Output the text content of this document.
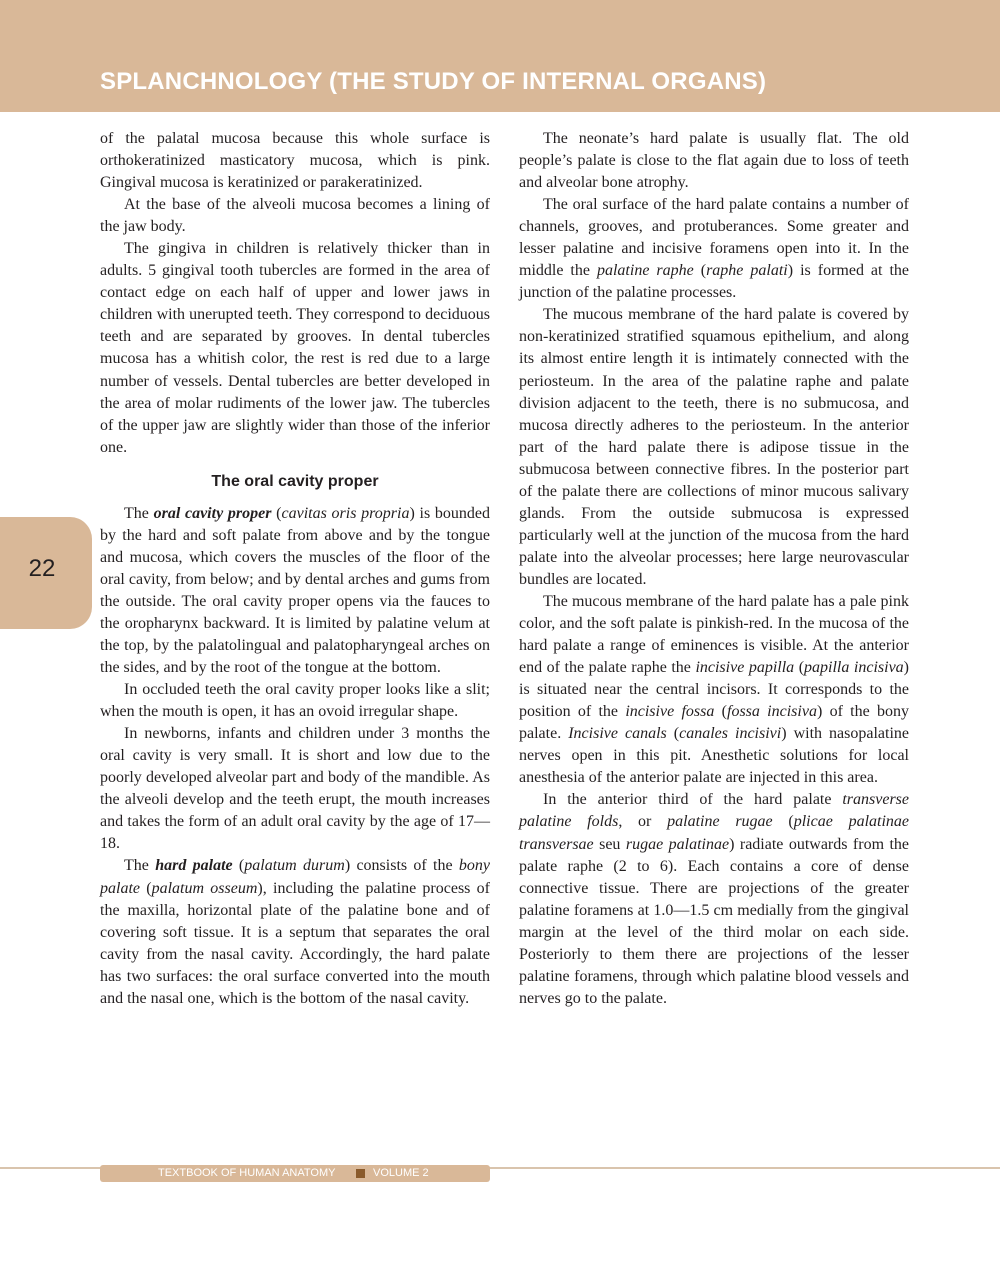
SPLANCHNOLOGY (THE STUDY OF INTERNAL ORGANS)
22

of the palatal mucosa because this whole surface is orthokeratinized masticatory mucosa, which is pink. Gingival mucosa is keratinized or parakeratinized.

At the base of the alveoli mucosa becomes a lining of the jaw body.

The gingiva in children is relatively thicker than in adults. 5 gingival tooth tubercles are formed in the area of contact edge on each half of upper and lower jaws in children with unerupted teeth. They correspond to deciduous teeth and are separated by grooves. In dental tubercles mucosa has a whitish color, the rest is red due to a large number of vessels. Dental tubercles are better developed in the area of molar rudiments of the lower jaw. The tubercles of the upper jaw are slightly wider than those of the inferior one.

The oral cavity proper

The oral cavity proper (cavitas oris propria) is bounded by the hard and soft palate from above and by the tongue and mucosa, which covers the muscles of the floor of the oral cavity, from below; and by dental arches and gums from the outside. The oral cavity proper opens via the fauces to the oropharynx backward. It is limited by palatine velum at the top, by the palatolingual and palatopharyngeal arches on the sides, and by the root of the tongue at the bottom.

In occluded teeth the oral cavity proper looks like a slit; when the mouth is open, it has an ovoid irregular shape.

In newborns, infants and children under 3 months the oral cavity is very small. It is short and low due to the poorly developed alveolar part and body of the mandible. As the alveoli develop and the teeth erupt, the mouth increases and takes the form of an adult oral cavity by the age of 17—18.

The hard palate (palatum durum) consists of the bony palate (palatum osseum), including the palatine process of the maxilla, horizontal plate of the palatine bone and of covering soft tissue. It is a septum that separates the oral cavity from the nasal cavity. Accordingly, the hard palate has two surfaces: the oral surface converted into the mouth and the nasal one, which is the bottom of the nasal cavity.

The neonate’s hard palate is usually flat. The old people’s palate is close to the flat again due to loss of teeth and alveolar bone atrophy.

The oral surface of the hard palate contains a number of channels, grooves, and protuberances. Some greater and lesser palatine and incisive foramens open into it. In the middle the palatine raphe (raphe palati) is formed at the junction of the palatine processes.

The mucous membrane of the hard palate is covered by non-keratinized stratified squamous epithelium, and along its almost entire length it is intimately connected with the periosteum. In the area of the palatine raphe and palate division adjacent to the teeth, there is no submucosa, and mucosa directly adheres to the periosteum. In the anterior part of the hard palate there is adipose tissue in the submucosa between connective fibres. In the posterior part of the palate there are collections of minor mucous salivary glands. From the outside submucosa is expressed particularly well at the junction of the mucosa from the hard palate into the alveolar processes; here large neurovascular bundles are located.

The mucous membrane of the hard palate has a pale pink color, and the soft palate is pinkish-red. In the mucosa of the hard palate a range of eminences is visible. At the anterior end of the palate raphe the incisive papilla (papilla incisiva) is situated near the central incisors. It corresponds to the position of the incisive fossa (fossa incisiva) of the bony palate. Incisive canals (canales incisivi) with nasopalatine nerves open in this pit. Anesthetic solutions for local anesthesia of the anterior palate are injected in this area.

In the anterior third of the hard palate transverse palatine folds, or palatine rugae (plicae palatinae transversae seu rugae palatinae) radiate outwards from the palate raphe (2 to 6). Each contains a core of dense connective tissue. There are projections of the greater palatine foramens at 1.0—1.5 cm medially from the gingival margin at the level of the third molar on each side. Posteriorly to them there are projections of the lesser palatine foramens, through which palatine blood vessels and nerves go to the palate.

TEXTBOOK OF HUMAN ANATOMY	VOLUME 2
